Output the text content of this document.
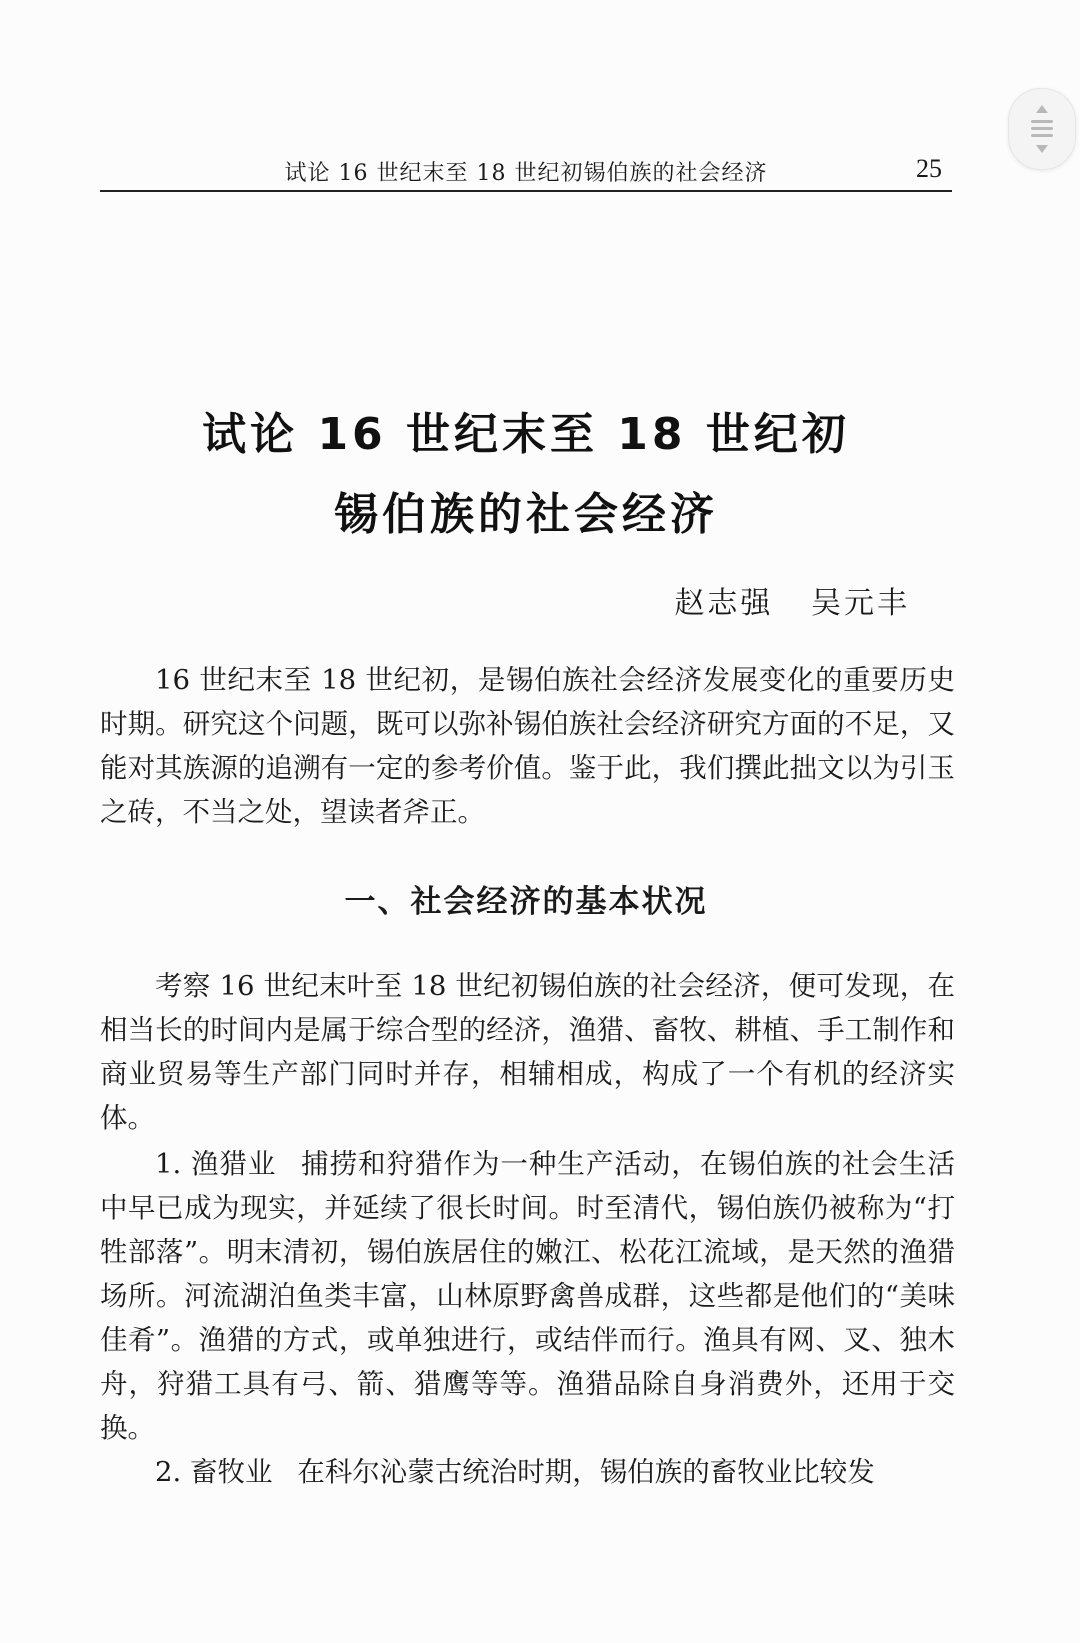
试论 16 世纪末至 18 世纪初锡伯族的社会经济	25
试论 16 世纪末至 18 世纪初
锡伯族的社会经济
赵志强   吴元丰

16 世纪末至 18 世纪初，是锡伯族社会经济发展变化的重要历史时期。研究这个问题，既可以弥补锡伯族社会经济研究方面的不足，又能对其族源的追溯有一定的参考价值。鉴于此，我们撰此拙文以为引玉之砖，不当之处，望读者斧正。

一、社会经济的基本状况

考察 16 世纪末叶至 18 世纪初锡伯族的社会经济，便可发现，在相当长的时间内是属于综合型的经济，渔猎、畜牧、耕植、手工制作和商业贸易等生产部门同时并存，相辅相成，构成了一个有机的经济实体。

1. 渔猎业 捕捞和狩猎作为一种生产活动，在锡伯族的社会生活中早已成为现实，并延续了很长时间。时至清代，锡伯族仍被称为“打牲部落”。明末清初，锡伯族居住的嫩江、松花江流域，是天然的渔猎场所。河流湖泊鱼类丰富，山林原野禽兽成群，这些都是他们的“美味佳肴”。渔猎的方式，或单独进行，或结伴而行。渔具有网、叉、独木舟，狩猎工具有弓、箭、猎鹰等等。渔猎品除自身消费外，还用于交换。

2. 畜牧业 在科尔沁蒙古统治时期，锡伯族的畜牧业比较发
